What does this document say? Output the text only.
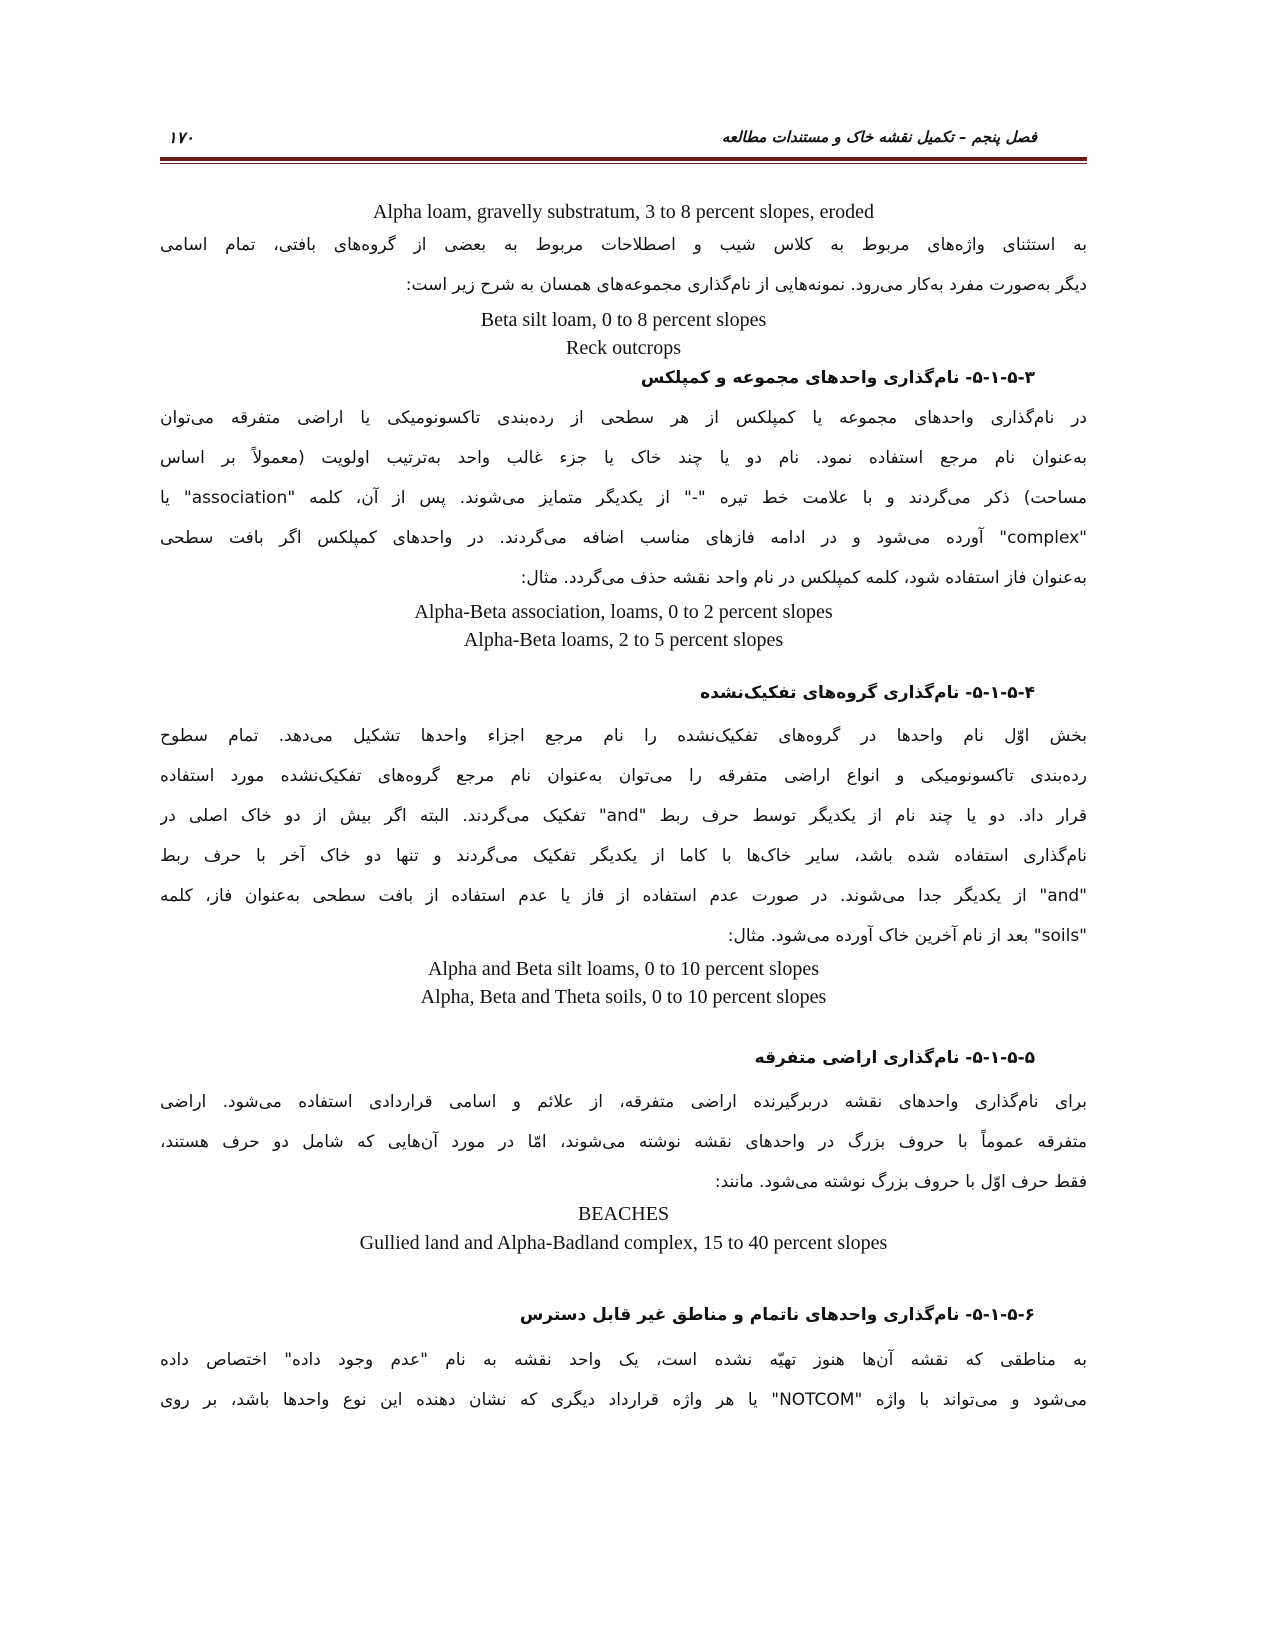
فصل پنجم – تکمیل نقشه خاک و مستندات مطالعه
۱۷۰
Alpha loam, gravelly substratum, 3 to 8 percent slopes, eroded
به استثنای واژه‌های مربوط به کلاس شیب و اصطلاحات مربوط به بعضی از گروه‌های بافتی، تمام اسامی
دیگر به‌صورت مفرد به‌کار می‌رود. نمونه‌هایی از نام‌گذاری مجموعه‌های همسان به شرح زیر است:
Beta silt loam, 0 to 8 percent slopes
Reck outcrops
۵-۱-۵-۳- نام‌گذاری واحدهای مجموعه و کمپلکس
در نام‌گذاری واحدهای مجموعه یا کمپلکس از هر سطحی از رده‌بندی تاکسونومیکی یا اراضی متفرقه می‌توان
به‌عنوان نام مرجع استفاده نمود. نام دو یا چند خاک یا جزء غالب واحد به‌ترتیب اولویت (معمولاً بر اساس
مساحت) ذکر می‌گردند و با علامت خط تیره "-" از یکدیگر متمایز می‌شوند. پس از آن، کلمه "association" یا
"complex" آورده می‌شود و در ادامه فازهای مناسب اضافه می‌گردند. در واحدهای کمپلکس اگر بافت سطحی
به‌عنوان فاز استفاده شود، کلمه کمپلکس در نام واحد نقشه حذف می‌گردد. مثال:
Alpha-Beta association, loams, 0 to 2 percent slopes
Alpha-Beta loams, 2 to 5 percent slopes
۵-۱-۵-۴- نام‌گذاری گروه‌های تفکیک‌نشده
بخش اوّل نام واحدها در گروه‌های تفکیک‌نشده را نام مرجع اجزاء واحدها تشکیل می‌دهد. تمام سطوح
رده‌بندی تاکسونومیکی و انواع اراضی متفرقه را می‌توان به‌عنوان نام مرجع گروه‌های تفکیک‌نشده مورد استفاده
قرار داد. دو یا چند نام از یکدیگر توسط حرف ربط "and" تفکیک می‌گردند. البته اگر بیش از دو خاک اصلی در
نام‌گذاری استفاده شده باشد، سایر خاک‌ها با کاما از یکدیگر تفکیک می‌گردند و تنها دو خاک آخر با حرف ربط
"and" از یکدیگر جدا می‌شوند. در صورت عدم استفاده از فاز یا عدم استفاده از بافت سطحی به‌عنوان فاز، کلمه
"soils" بعد از نام آخرین خاک آورده می‌شود. مثال:
Alpha and Beta silt loams, 0 to 10 percent slopes
Alpha, Beta and Theta soils, 0 to 10 percent slopes
۵-۱-۵-۵- نام‌گذاری اراضی متفرقه
برای نام‌گذاری واحدهای نقشه دربرگیرنده اراضی متفرقه، از علائم و اسامی قراردادی استفاده می‌شود. اراضی
متفرقه عموماً با حروف بزرگ در واحدهای نقشه نوشته می‌شوند، امّا در مورد آن‌هایی که شامل دو حرف هستند،
فقط حرف اوّل با حروف بزرگ نوشته می‌شود. مانند:
BEACHES
Gullied land and Alpha-Badland complex, 15 to 40 percent slopes
۵-۱-۵-۶- نام‌گذاری واحدهای ناتمام و مناطق غیر قابل دسترس
به مناطقی که نقشه آن‌ها هنوز تهیّه نشده است، یک واحد نقشه به نام "عدم وجود داده" اختصاص داده
می‌شود و می‌تواند با واژه "NOTCOM" یا هر واژه قرارداد دیگری که نشان دهنده این نوع واحدها باشد، بر روی
